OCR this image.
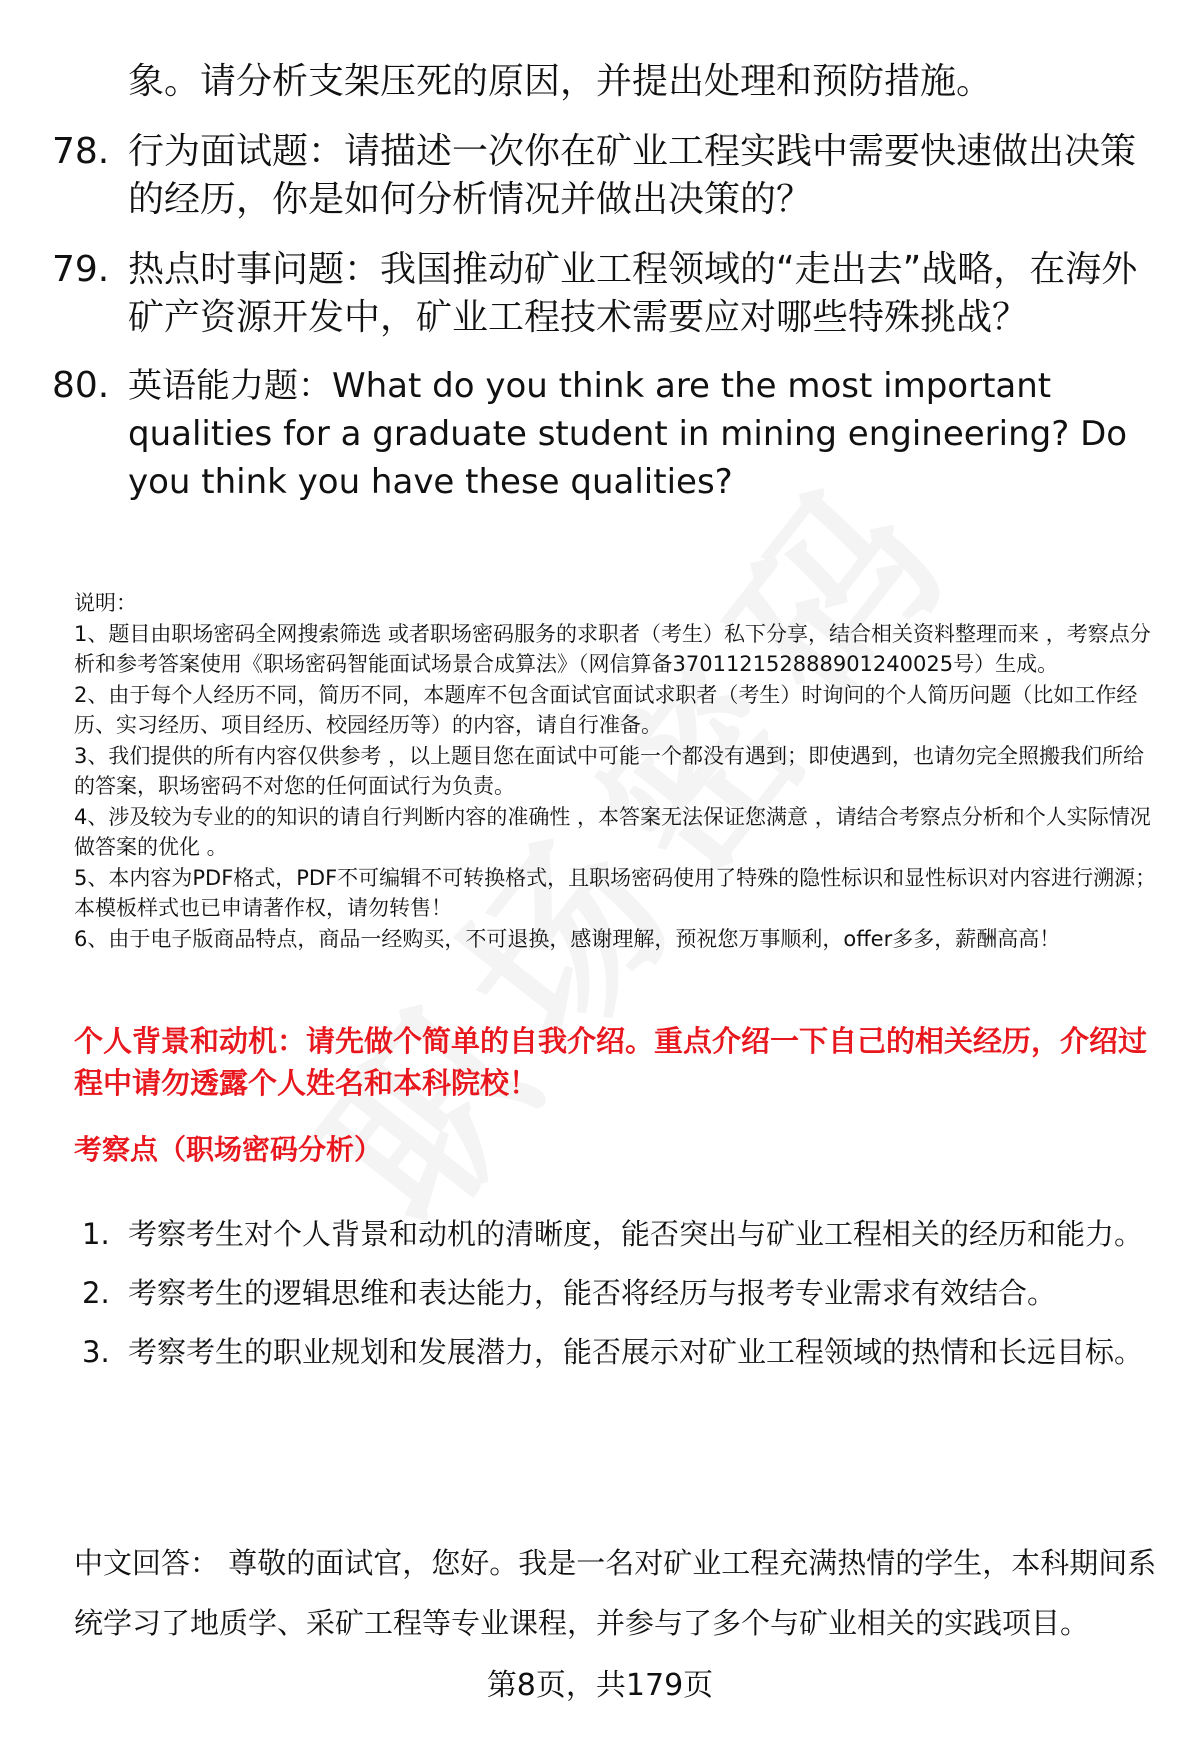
象。请分析支架压死的原因，并提出处理和预防措施。
78. 行为面试题：请描述一次你在矿业工程实践中需要快速做出决策的经历，你是如何分析情况并做出决策的？
79. 热点时事问题：我国推动矿业工程领域的“走出去”战略，在海外矿产资源开发中，矿业工程技术需要应对哪些特殊挑战？
80. 英语能力题：What do you think are the most important qualities for a graduate student in mining engineering? Do you think you have these qualities?

说明：

1、题目由职场密码全网搜索筛选 或者职场密码服务的求职者（考生）私下分享，结合相关资料整理而来 ，考察点分析和参考答案使用《职场密码智能面试场景合成算法》（网信算备370112152888901240025号）生成。

2、由于每个人经历不同，简历不同，本题库不包含面试官面试求职者（考生）时询问的个人简历问题（比如工作经历、实习经历、项目经历、校园经历等）的内容，请自行准备。

3、我们提供的所有内容仅供参考 ，以上题目您在面试中可能一个都没有遇到；即使遇到，也请勿完全照搬我们所给的答案，职场密码不对您的任何面试行为负责。

4、涉及较为专业的的知识的请自行判断内容的准确性 ，本答案无法保证您满意 ，请结合考察点分析和个人实际情况做答案的优化 。

5、本内容为PDF格式，PDF不可编辑不可转换格式，且职场密码使用了特殊的隐性标识和显性标识对内容进行溯源；本模板样式也已申请著作权，请勿转售！

6、由于电子版商品特点，商品一经购买，不可退换，感谢理解，预祝您万事顺利，offer多多，薪酬高高！

个人背景和动机：请先做个简单的自我介绍。重点介绍一下自己的相关经历，介绍过程中请勿透露个人姓名和本科院校！
考察点（职场密码分析）
1. 考察考生对个人背景和动机的清晰度，能否突出与矿业工程相关的经历和能力。
2. 考察考生的逻辑思维和表达能力，能否将经历与报考专业需求有效结合。
3. 考察考生的职业规划和发展潜力，能否展示对矿业工程领域的热情和长远目标。
中文回答： 尊敬的面试官，您好。我是一名对矿业工程充满热情的学生，本科期间系统学习了地质学、采矿工程等专业课程，并参与了多个与矿业相关的实践项目。
第8页，共179页
